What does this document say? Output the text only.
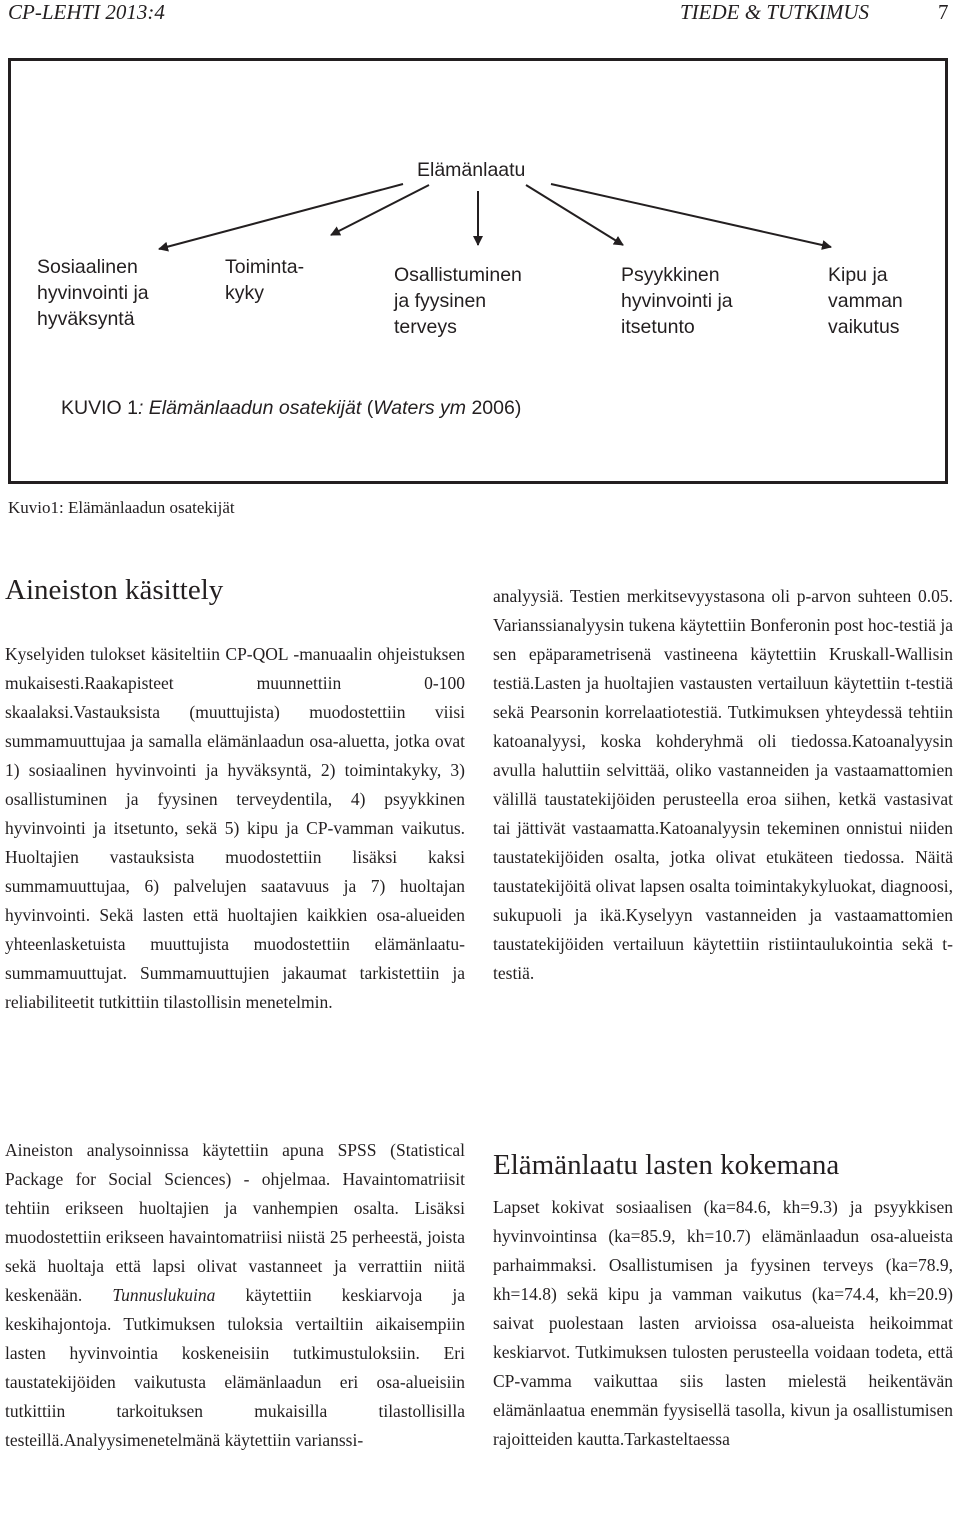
CP-LEHTI 2013:4	TIEDE & TUTKIMUS	7
Elämänlaatu
Sosiaalinen
hyvinvointi ja
hyväksyntä
Toiminta-
kyky
Osallistuminen
ja fyysinen
terveys
Psyykkinen
hyvinvointi ja
itsetunto
Kipu ja
vamman
vaikutus
KUVIO 1: Elämänlaadun osatekijät (Waters ym 2006)
Kuvio1: Elämänlaadun osatekijät
Aineiston käsittely

Kyselyiden tulokset käsiteltiin CP-QOL -manuaalin ohjeistuksen mukaisesti.Raakapisteet muunnettiin 0-100 skaalaksi.Vastauksista (muuttujista) muodostettiin viisi summamuuttujaa ja samalla elämänlaadun osa-aluetta, jotka ovat 1) sosiaalinen hyvinvointi ja hyväksyntä, 2) toimintakyky, 3) osallistuminen ja fyysinen terveydentila, 4) psyykkinen hyvinvointi ja itsetunto, sekä 5) kipu ja CP-vamman vaikutus. Huoltajien vastauksista muodostettiin lisäksi kaksi summamuuttujaa, 6) palvelujen saatavuus ja 7) huoltajan hyvinvointi. Sekä lasten että huoltajien kaikkien osa-alueiden yhteenlasketuista muuttujista muodostettiin elämänlaatu-summamuuttujat. Summamuuttujien jakaumat tarkistettiin ja reliabiliteetit tutkittiin tilastollisin menetelmin.

Aineiston analysoinnissa käytettiin apuna SPSS (Statistical Package for Social Sciences) - ohjelmaa. Havaintomatriisit tehtiin erikseen huoltajien ja vanhempien osalta. Lisäksi muodostettiin erikseen havaintomatriisi niistä 25 perheestä, joista sekä huoltaja että lapsi olivat vastanneet ja verrattiin niitä keskenään. Tunnuslukuina käytettiin keskiarvoja ja keskihajontoja. Tutkimuksen tuloksia vertailtiin aikaisempiin lasten hyvinvointia koskeneisiin tutkimustuloksiin. Eri taustatekijöiden vaikutusta elämänlaadun eri osa-alueisiin tutkittiin tarkoituksen mukaisilla tilastollisilla testeillä.Analyysimenetelmänä käytettiin varianssi-

analyysiä. Testien merkitsevyystasona oli p-arvon suhteen 0.05. Varianssianalyysin tukena käytettiin Bonferonin post hoc-testiä ja sen epäparametrisenä vastineena käytettiin Kruskall-Wallisin testiä.Lasten ja huoltajien vastausten vertailuun käytettiin t-testiä sekä Pearsonin korrelaatiotestiä. Tutkimuksen yhteydessä tehtiin katoanalyysi, koska kohderyhmä oli tiedossa.Katoanalyysin avulla haluttiin selvittää, oliko vastanneiden ja vastaamattomien välillä taustatekijöiden perusteella eroa siihen, ketkä vastasivat tai jättivät vastaamatta.Katoanalyysin tekeminen onnistui niiden taustatekijöiden osalta, jotka olivat etukäteen tiedossa. Näitä taustatekijöitä olivat lapsen osalta toimintakykyluokat, diagnoosi, sukupuoli ja ikä.Kyselyyn vastanneiden ja vastaamattomien taustatekijöiden vertailuun käytettiin ristiintaulukointia sekä t-testiä.

Elämänlaatu lasten kokemana

Lapset kokivat sosiaalisen (ka=84.6, kh=9.3) ja psyykkisen hyvinvointinsa (ka=85.9, kh=10.7) elämänlaadun osa-alueista parhaimmaksi. Osallistumisen ja fyysinen terveys (ka=78.9, kh=14.8) sekä kipu ja vamman vaikutus (ka=74.4, kh=20.9) saivat puolestaan lasten arvioissa osa-alueista heikoimmat keskiarvot. Tutkimuksen tulosten perusteella voidaan todeta, että CP-vamma vaikuttaa siis lasten mielestä heikentävän elämänlaatua enemmän fyysisellä tasolla, kivun ja osallistumisen rajoitteiden kautta.Tarkasteltaessa
